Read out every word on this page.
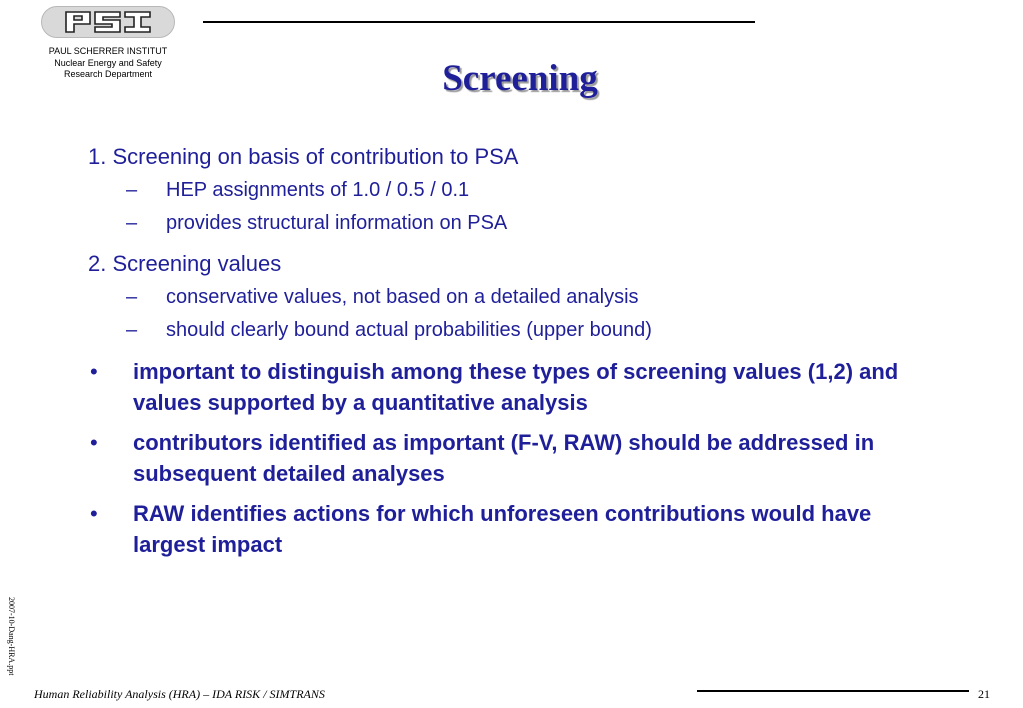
PAUL SCHERRER INSTITUT
Nuclear Energy and Safety
Research Department	Screening
1. Screening on basis of contribution to PSA
– HEP assignments of 1.0 / 0.5 / 0.1
– provides structural information on PSA
2. Screening values
– conservative values, not based on a detailed analysis
– should clearly bound actual probabilities (upper bound)
• important to distinguish among these types of screening values (1,2) and values supported by a quantitative analysis
• contributors identified as important (F-V, RAW) should be addressed in subsequent detailed analyses
• RAW identifies actions for which unforeseen contributions would have largest impact
2007-10-Dang-HRA.ppt
Human Reliability Analysis (HRA) – IDA RISK / SIMTRANS	21
